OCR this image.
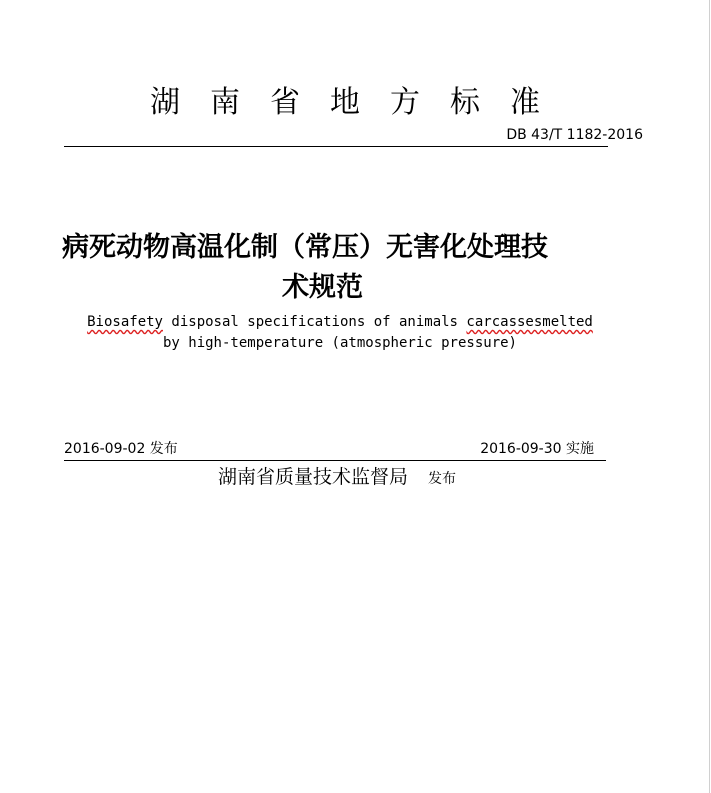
湖南省地方标准
DB 43/T 1182-2016
病死动物高温化制（常压）无害化处理技
术规范
Biosafety disposal specifications of animals carcassesmelted
by high-temperature (atmospheric pressure)
2016-09-02 发布	2016-09-30 实施
湖南省质量技术监督局 发布
